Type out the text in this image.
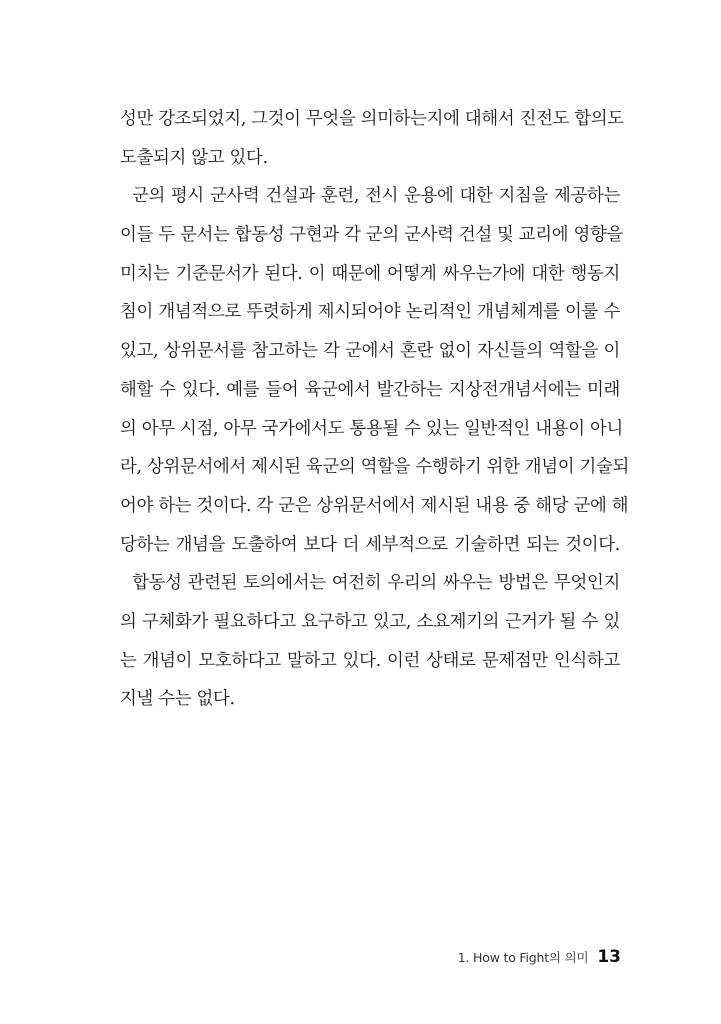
성만 강조되었지, 그것이 무엇을 의미하는지에 대해서 진전도 합의도
도출되지 않고 있다.
군의 평시 군사력 건설과 훈련, 전시 운용에 대한 지침을 제공하는
이들 두 문서는 합동성 구현과 각 군의 군사력 건설 및 교리에 영향을
미치는 기준문서가 된다. 이 때문에 어떻게 싸우는가에 대한 행동지
침이 개념적으로 뚜렷하게 제시되어야 논리적인 개념체계를 이룰 수
있고, 상위문서를 참고하는 각 군에서 혼란 없이 자신들의 역할을 이
해할 수 있다. 예를 들어 육군에서 발간하는 지상전개념서에는 미래
의 아무 시점, 아무 국가에서도 통용될 수 있는 일반적인 내용이 아니
라, 상위문서에서 제시된 육군의 역할을 수행하기 위한 개념이 기술되
어야 하는 것이다. 각 군은 상위문서에서 제시된 내용 중 해당 군에 해
당하는 개념을 도출하여 보다 더 세부적으로 기술하면 되는 것이다.
합동성 관련된 토의에서는 여전히 우리의 싸우는 방법은 무엇인지
의 구체화가 필요하다고 요구하고 있고, 소요제기의 근거가 될 수 있
는 개념이 모호하다고 말하고 있다. 이런 상태로 문제점만 인식하고
지낼 수는 없다.
1. How to Fight의 의미 13
